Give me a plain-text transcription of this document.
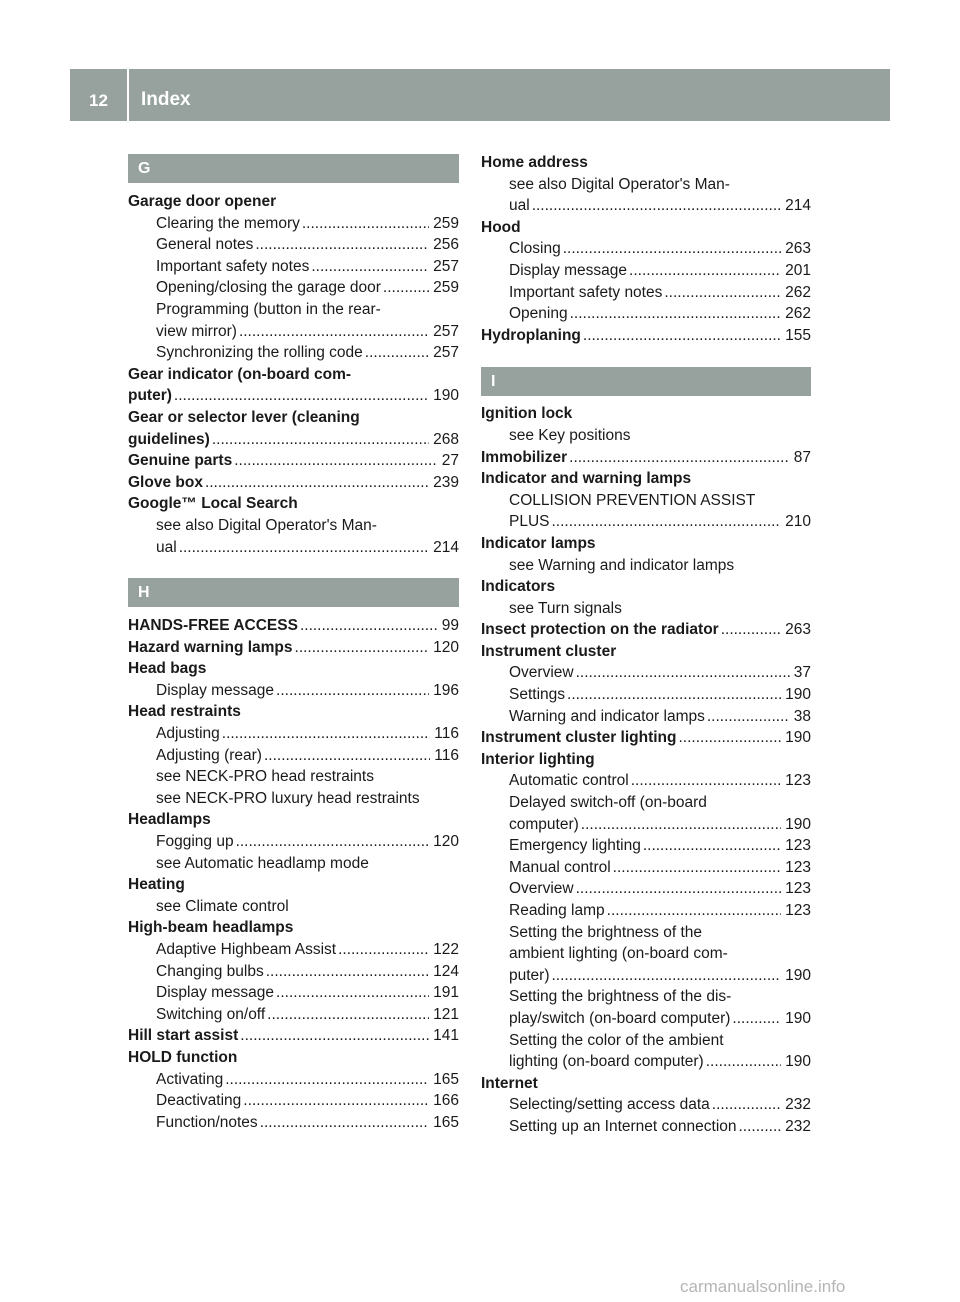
12	Index
G
Garage door opener
Clearing the memory .....	259
General notes .....	256
Important safety notes .....	257
Opening/closing the garage door .....	259
Programming (button in the rear-
view mirror) .....	257
Synchronizing the rolling code .....	257
Gear indicator (on-board com-
puter) .....	190
Gear or selector lever (cleaning
guidelines) .....	268
Genuine parts .....	27
Glove box .....	239
Google™ Local Search
see also Digital Operator's Man-
ual .....	214
H
HANDS-FREE ACCESS .....	99
Hazard warning lamps .....	120
Head bags
Display message .....	196
Head restraints
Adjusting .....	116
Adjusting (rear) .....	116
see NECK-PRO head restraints
see NECK-PRO luxury head restraints
Headlamps
Fogging up .....	120
see Automatic headlamp mode
Heating
see Climate control
High-beam headlamps
Adaptive Highbeam Assist .....	122
Changing bulbs .....	124
Display message .....	191
Switching on/off .....	121
Hill start assist .....	141
HOLD function
Activating .....	165
Deactivating .....	166
Function/notes .....	165
Home address
see also Digital Operator's Man-
ual .....	214
Hood
Closing .....	263
Display message .....	201
Important safety notes .....	262
Opening .....	262
Hydroplaning .....	155
I
Ignition lock
see Key positions
Immobilizer .....	87
Indicator and warning lamps
COLLISION PREVENTION ASSIST
PLUS .....	210
Indicator lamps
see Warning and indicator lamps
Indicators
see Turn signals
Insect protection on the radiator .....	263
Instrument cluster
Overview .....	37
Settings .....	190
Warning and indicator lamps .....	38
Instrument cluster lighting .....	190
Interior lighting
Automatic control .....	123
Delayed switch-off (on-board
computer) .....	190
Emergency lighting .....	123
Manual control .....	123
Overview .....	123
Reading lamp .....	123
Setting the brightness of the
ambient lighting (on-board com-
puter) .....	190
Setting the brightness of the dis-
play/switch (on-board computer) .....	190
Setting the color of the ambient
lighting (on-board computer) .....	190
Internet
Selecting/setting access data .....	232
Setting up an Internet connection .....	232
carmanualsonline.info
